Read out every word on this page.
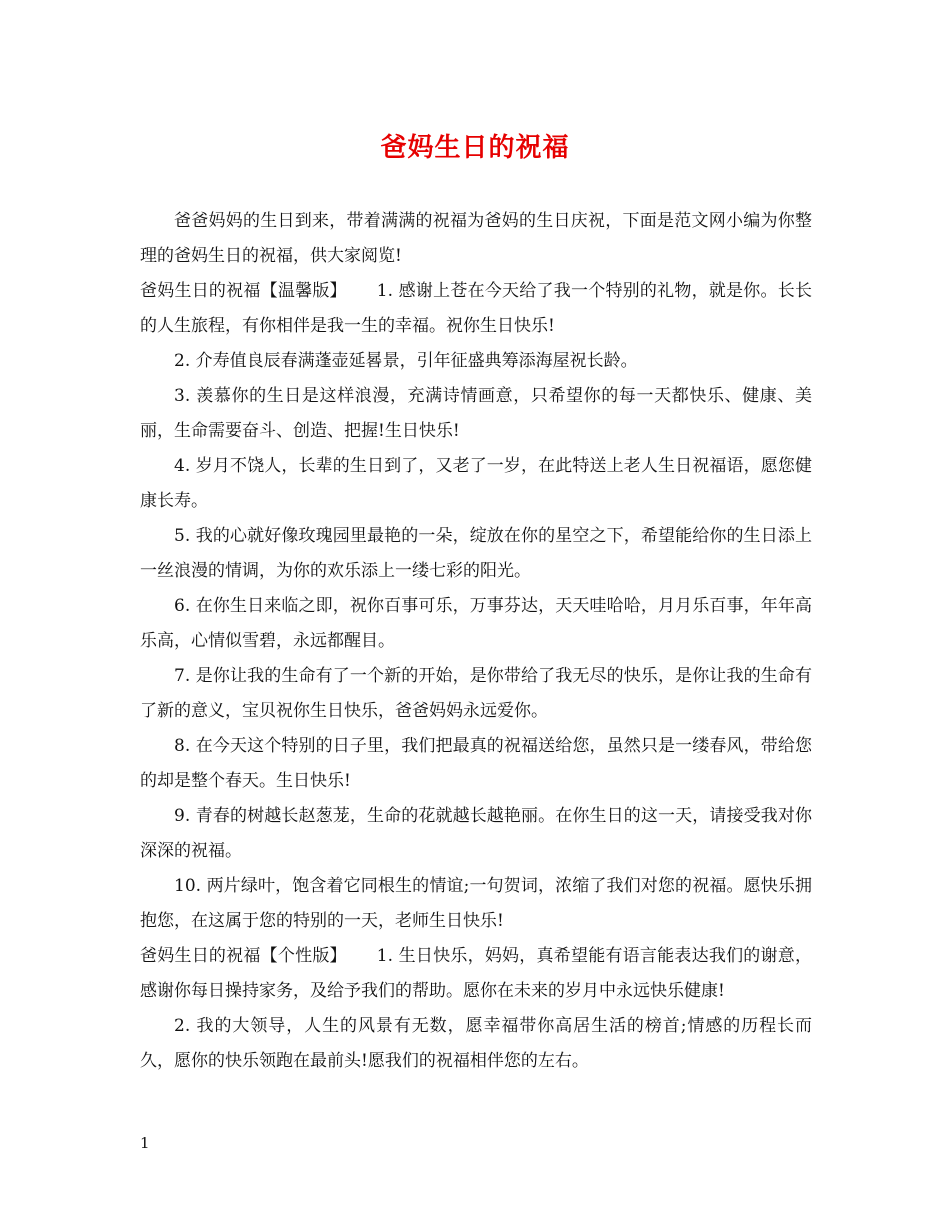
爸妈生日的祝福

爸爸妈妈的生日到来，带着满满的祝福为爸妈的生日庆祝，下面是范文网小编为你整理的爸妈生日的祝福，供大家阅览!

爸妈生日的祝福【温馨版】 1. 感谢上苍在今天给了我一个特别的礼物，就是你。长长的人生旅程，有你相伴是我一生的幸福。祝你生日快乐!

2. 介寿值良辰春满蓬壶延晷景，引年征盛典筹添海屋祝长龄。

3. 羡慕你的生日是这样浪漫，充满诗情画意，只希望你的每一天都快乐、健康、美丽，生命需要奋斗、创造、把握!生日快乐!

4. 岁月不饶人，长辈的生日到了，又老了一岁，在此特送上老人生日祝福语，愿您健康长寿。

5. 我的心就好像玫瑰园里最艳的一朵，绽放在你的星空之下，希望能给你的生日添上一丝浪漫的情调，为你的欢乐添上一缕七彩的阳光。

6. 在你生日来临之即，祝你百事可乐，万事芬达，天天哇哈哈，月月乐百事，年年高乐高，心情似雪碧，永远都醒目。

7. 是你让我的生命有了一个新的开始，是你带给了我无尽的快乐，是你让我的生命有了新的意义，宝贝祝你生日快乐，爸爸妈妈永远爱你。

8. 在今天这个特别的日子里，我们把最真的祝福送给您，虽然只是一缕春风，带给您的却是整个春天。生日快乐!

9. 青春的树越长赵葱茏，生命的花就越长越艳丽。在你生日的这一天，请接受我对你深深的祝福。

10. 两片绿叶，饱含着它同根生的情谊;一句贺词，浓缩了我们对您的祝福。愿快乐拥抱您，在这属于您的特别的一天，老师生日快乐!

爸妈生日的祝福【个性版】 1. 生日快乐，妈妈，真希望能有语言能表达我们的谢意，感谢你每日操持家务，及给予我们的帮助。愿你在未来的岁月中永远快乐健康!

2. 我的大领导，人生的风景有无数，愿幸福带你高居生活的榜首;情感的历程长而久，愿你的快乐领跑在最前头!愿我们的祝福相伴您的左右。

1
